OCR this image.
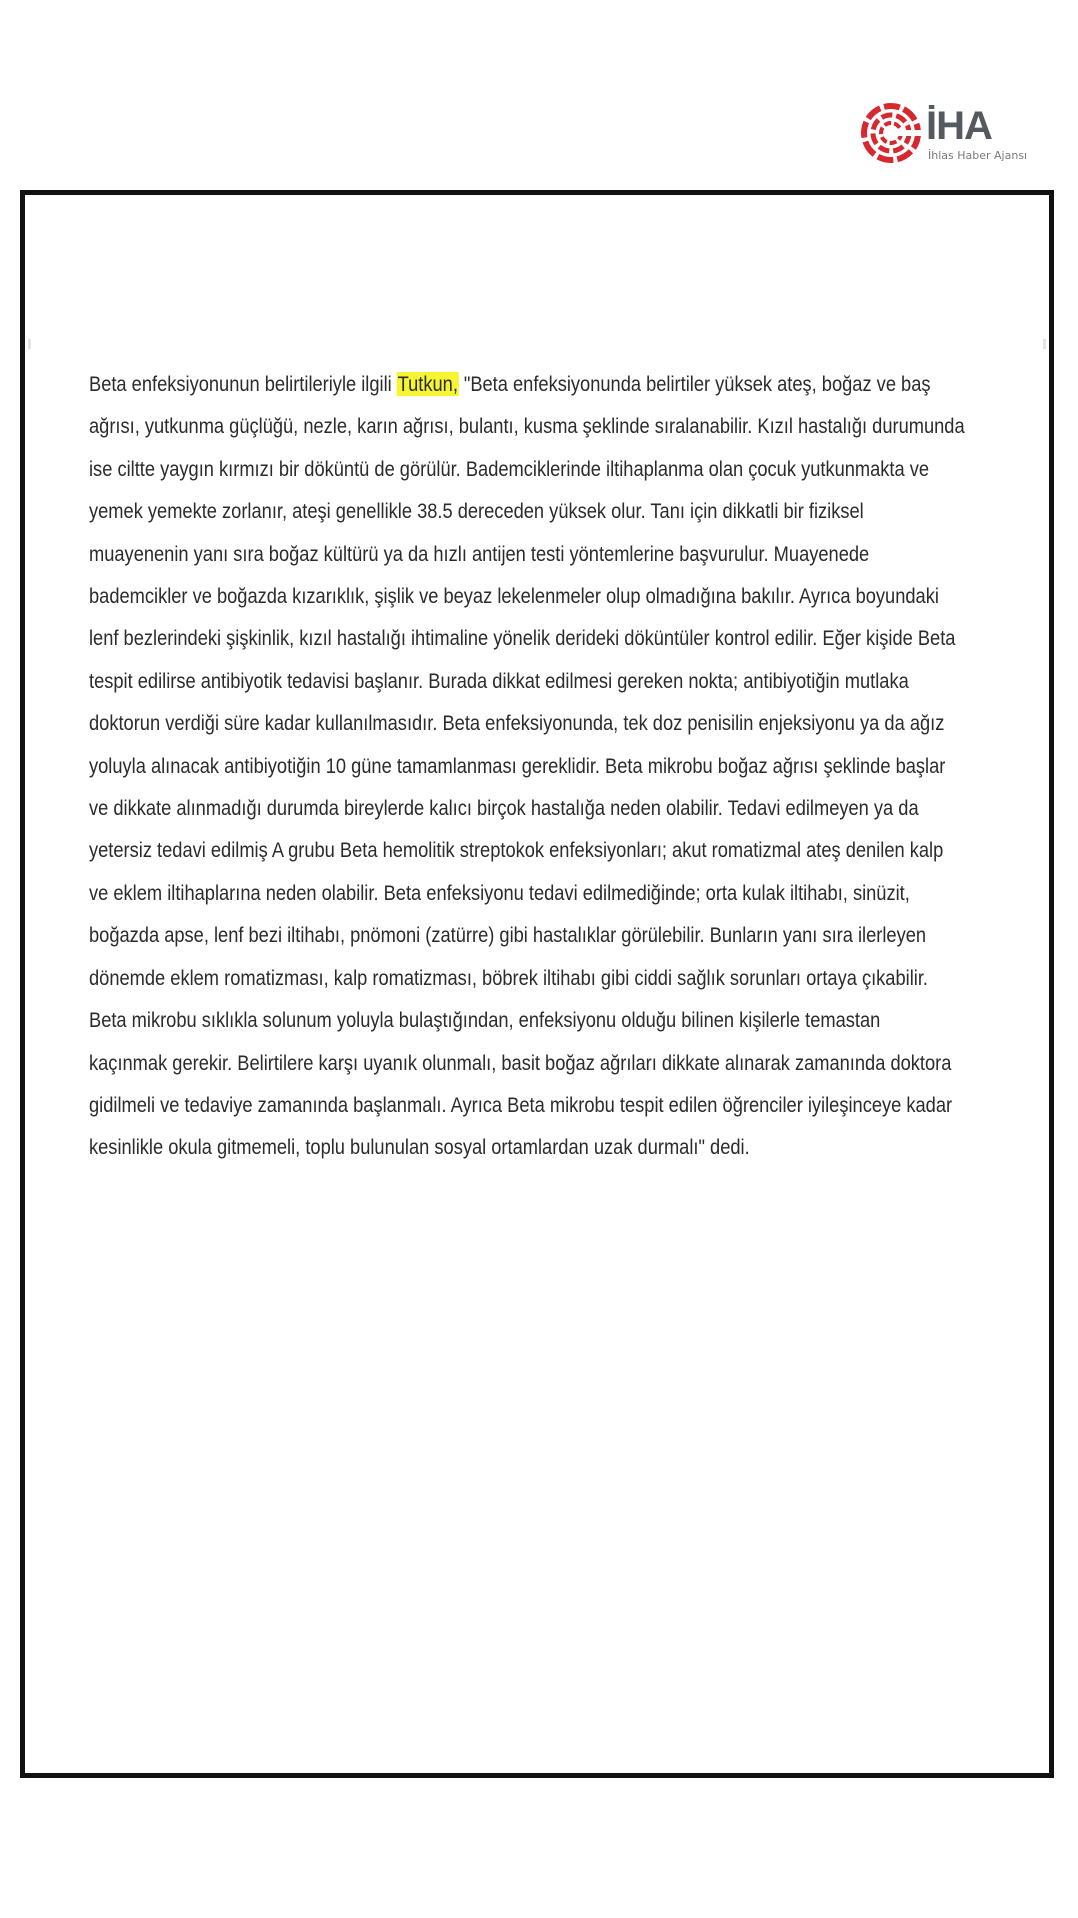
İHA
İhlas Haber Ajansı
Beta enfeksiyonunun belirtileriyle ilgili Tutkun, "Beta enfeksiyonunda belirtiler yüksek ateş, boğaz ve baş
ağrısı, yutkunma güçlüğü, nezle, karın ağrısı, bulantı, kusma şeklinde sıralanabilir. Kızıl hastalığı durumunda
ise ciltte yaygın kırmızı bir döküntü de görülür. Bademciklerinde iltihaplanma olan çocuk yutkunmakta ve
yemek yemekte zorlanır, ateşi genellikle 38.5 dereceden yüksek olur. Tanı için dikkatli bir fiziksel
muayenenin yanı sıra boğaz kültürü ya da hızlı antijen testi yöntemlerine başvurulur. Muayenede
bademcikler ve boğazda kızarıklık, şişlik ve beyaz lekelenmeler olup olmadığına bakılır. Ayrıca boyundaki
lenf bezlerindeki şişkinlik, kızıl hastalığı ihtimaline yönelik derideki döküntüler kontrol edilir. Eğer kişide Beta
tespit edilirse antibiyotik tedavisi başlanır. Burada dikkat edilmesi gereken nokta; antibiyotiğin mutlaka
doktorun verdiği süre kadar kullanılmasıdır. Beta enfeksiyonunda, tek doz penisilin enjeksiyonu ya da ağız
yoluyla alınacak antibiyotiğin 10 güne tamamlanması gereklidir. Beta mikrobu boğaz ağrısı şeklinde başlar
ve dikkate alınmadığı durumda bireylerde kalıcı birçok hastalığa neden olabilir. Tedavi edilmeyen ya da
yetersiz tedavi edilmiş A grubu Beta hemolitik streptokok enfeksiyonları; akut romatizmal ateş denilen kalp
ve eklem iltihaplarına neden olabilir. Beta enfeksiyonu tedavi edilmediğinde; orta kulak iltihabı, sinüzit,
boğazda apse, lenf bezi iltihabı, pnömoni (zatürre) gibi hastalıklar görülebilir. Bunların yanı sıra ilerleyen
dönemde eklem romatizması, kalp romatizması, böbrek iltihabı gibi ciddi sağlık sorunları ortaya çıkabilir.
Beta mikrobu sıklıkla solunum yoluyla bulaştığından, enfeksiyonu olduğu bilinen kişilerle temastan
kaçınmak gerekir. Belirtilere karşı uyanık olunmalı, basit boğaz ağrıları dikkate alınarak zamanında doktora
gidilmeli ve tedaviye zamanında başlanmalı. Ayrıca Beta mikrobu tespit edilen öğrenciler iyileşinceye kadar
kesinlikle okula gitmemeli, toplu bulunulan sosyal ortamlardan uzak durmalı" dedi.
